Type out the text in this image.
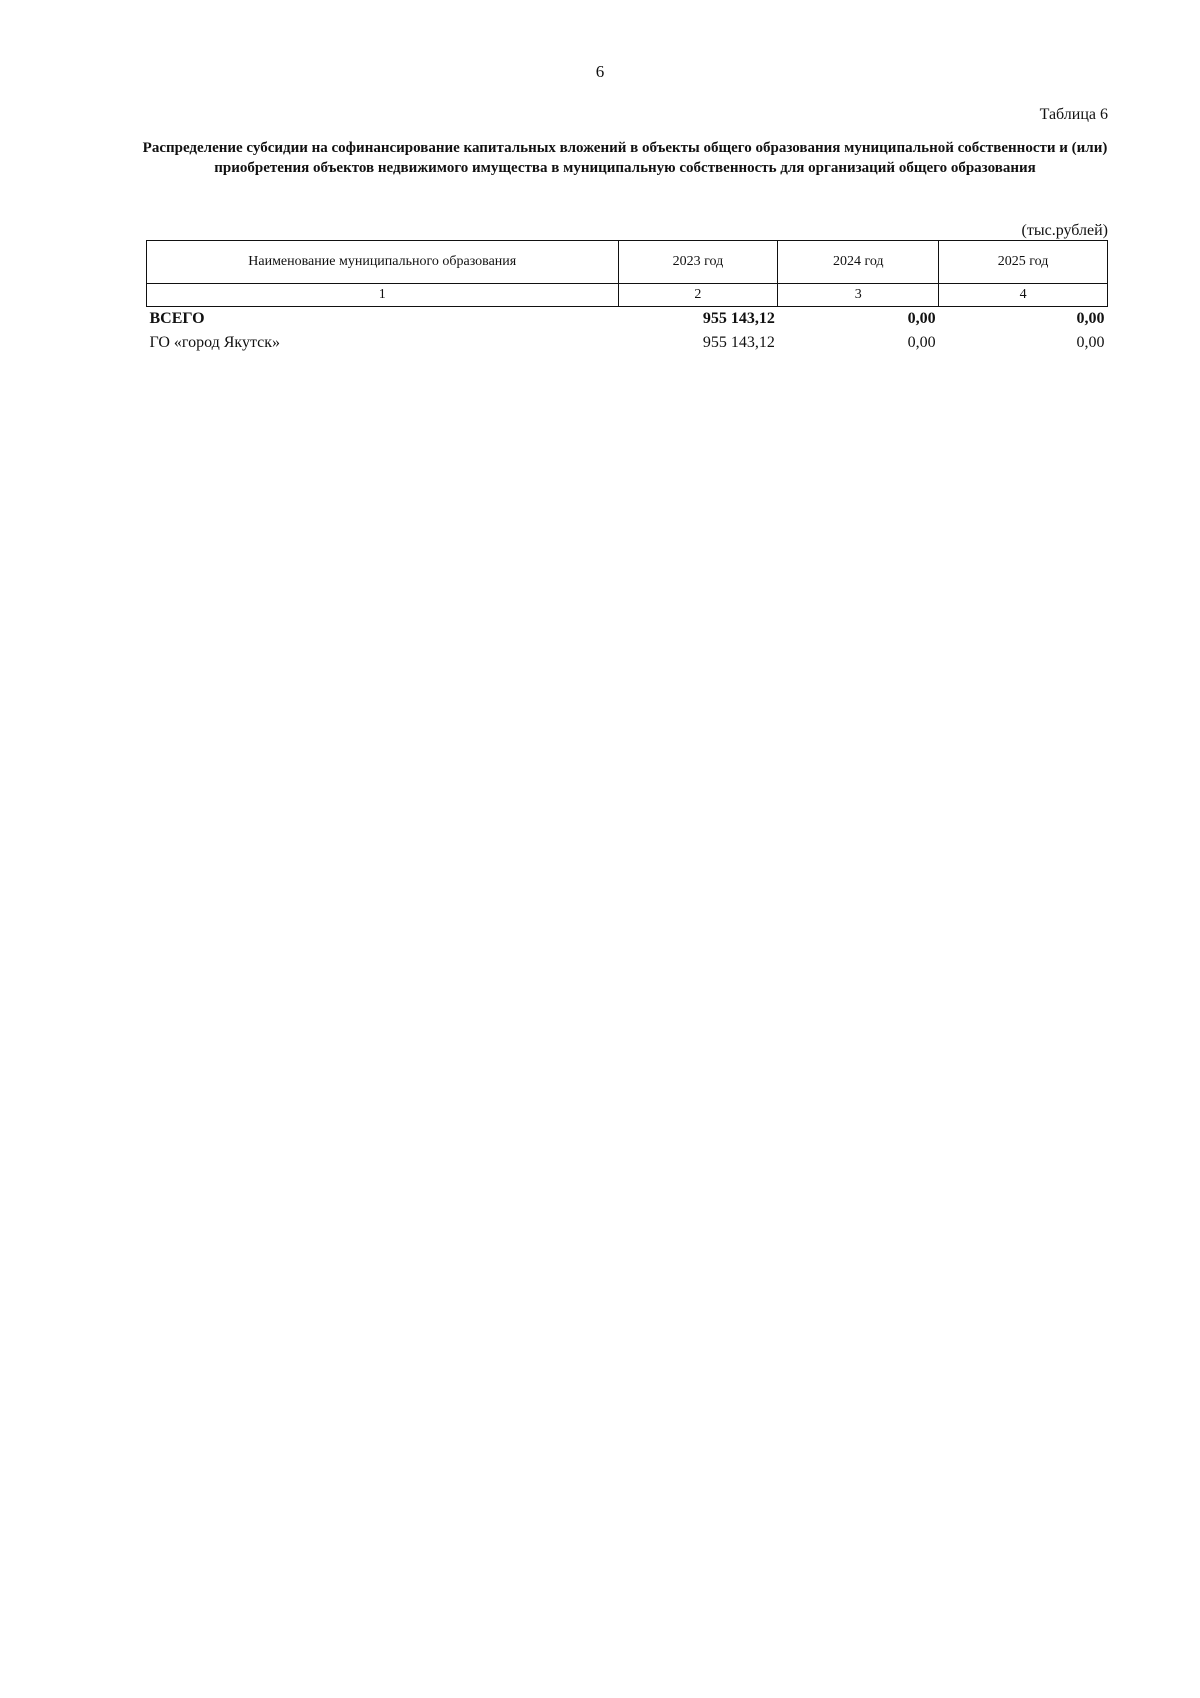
6
Таблица 6
Распределение субсидии на софинансирование капитальных вложений в объекты общего образования муниципальной собственности и (или) приобретения объектов недвижимого имущества в муниципальную собственность для организаций общего образования
(тыс.рублей)
Наименование муниципального образования	2023 год	2024 год	2025 год
1	2	3	4
ВСЕГО	955 143,12	0,00	0,00
ГО «город Якутск»	955 143,12	0,00	0,00
